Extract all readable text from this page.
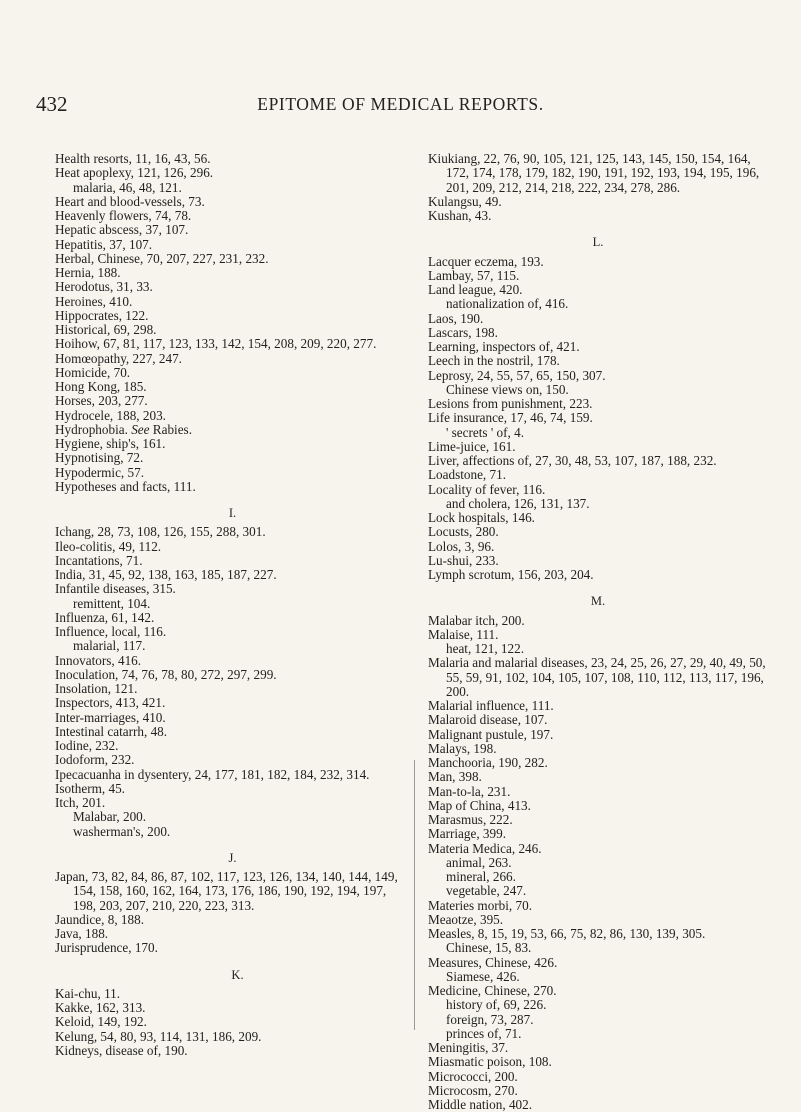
432	EPITOME OF MEDICAL REPORTS.
Health resorts, 11, 16, 43, 56.
Heat apoplexy, 121, 126, 296.
malaria, 46, 48, 121.
Heart and blood-vessels, 73.
Heavenly flowers, 74, 78.
Hepatic abscess, 37, 107.
Hepatitis, 37, 107.
Herbal, Chinese, 70, 207, 227, 231, 232.
Hernia, 188.
Herodotus, 31, 33.
Heroines, 410.
Hippocrates, 122.
Historical, 69, 298.
Hoihow, 67, 81, 117, 123, 133, 142, 154, 208, 209, 220, 277.
Homœopathy, 227, 247.
Homicide, 70.
Hong Kong, 185.
Horses, 203, 277.
Hydrocele, 188, 203.
Hydrophobia. See Rabies.
Hygiene, ship's, 161.
Hypnotising, 72.
Hypodermic, 57.
Hypotheses and facts, 111.
I.
Ichang, 28, 73, 108, 126, 155, 288, 301.
Ileo-colitis, 49, 112.
Incantations, 71.
India, 31, 45, 92, 138, 163, 185, 187, 227.
Infantile diseases, 315.
remittent, 104.
Influenza, 61, 142.
Influence, local, 116.
malarial, 117.
Innovators, 416.
Inoculation, 74, 76, 78, 80, 272, 297, 299.
Insolation, 121.
Inspectors, 413, 421.
Inter-marriages, 410.
Intestinal catarrh, 48.
Iodine, 232.
Iodoform, 232.
Ipecacuanha in dysentery, 24, 177, 181, 182, 184, 232, 314.
Isotherm, 45.
Itch, 201.
Malabar, 200.
washerman's, 200.
J.
Japan, 73, 82, 84, 86, 87, 102, 117, 123, 126, 134, 140, 144, 149, 154, 158, 160, 162, 164, 173, 176, 186, 190, 192, 194, 197, 198, 203, 207, 210, 220, 223, 313.
Jaundice, 8, 188.
Java, 188.
Jurisprudence, 170.
K.
Kai-chu, 11.
Kakke, 162, 313.
Keloid, 149, 192.
Kelung, 54, 80, 93, 114, 131, 186, 209.
Kidneys, disease of, 190.
Kiukiang, 22, 76, 90, 105, 121, 125, 143, 145, 150, 154, 164, 172, 174, 178, 179, 182, 190, 191, 192, 193, 194, 195, 196, 201, 209, 212, 214, 218, 222, 234, 278, 286.
Kulangsu, 49.
Kushan, 43.
L.
Lacquer eczema, 193.
Lambay, 57, 115.
Land league, 420.
nationalization of, 416.
Laos, 190.
Lascars, 198.
Learning, inspectors of, 421.
Leech in the nostril, 178.
Leprosy, 24, 55, 57, 65, 150, 307.
Chinese views on, 150.
Lesions from punishment, 223.
Life insurance, 17, 46, 74, 159.
' secrets ' of, 4.
Lime-juice, 161.
Liver, affections of, 27, 30, 48, 53, 107, 187, 188, 232.
Loadstone, 71.
Locality of fever, 116.
and cholera, 126, 131, 137.
Lock hospitals, 146.
Locusts, 280.
Lolos, 3, 96.
Lu-shui, 233.
Lymph scrotum, 156, 203, 204.
M.
Malabar itch, 200.
Malaise, 111.
heat, 121, 122.
Malaria and malarial diseases, 23, 24, 25, 26, 27, 29, 40, 49, 50, 55, 59, 91, 102, 104, 105, 107, 108, 110, 112, 113, 117, 196, 200.
Malarial influence, 111.
Malaroid disease, 107.
Malignant pustule, 197.
Malays, 198.
Manchooria, 190, 282.
Man, 398.
Man-to-la, 231.
Map of China, 413.
Marasmus, 222.
Marriage, 399.
Materia Medica, 246.
animal, 263.
mineral, 266.
vegetable, 247.
Materies morbi, 70.
Meaotze, 395.
Measles, 8, 15, 19, 53, 66, 75, 82, 86, 130, 139, 305.
Chinese, 15, 83.
Measures, Chinese, 426.
Siamese, 426.
Medicine, Chinese, 270.
history of, 69, 226.
foreign, 73, 287.
princes of, 71.
Meningitis, 37.
Miasmatic poison, 108.
Micrococci, 200.
Microcosm, 270.
Middle nation, 402.
